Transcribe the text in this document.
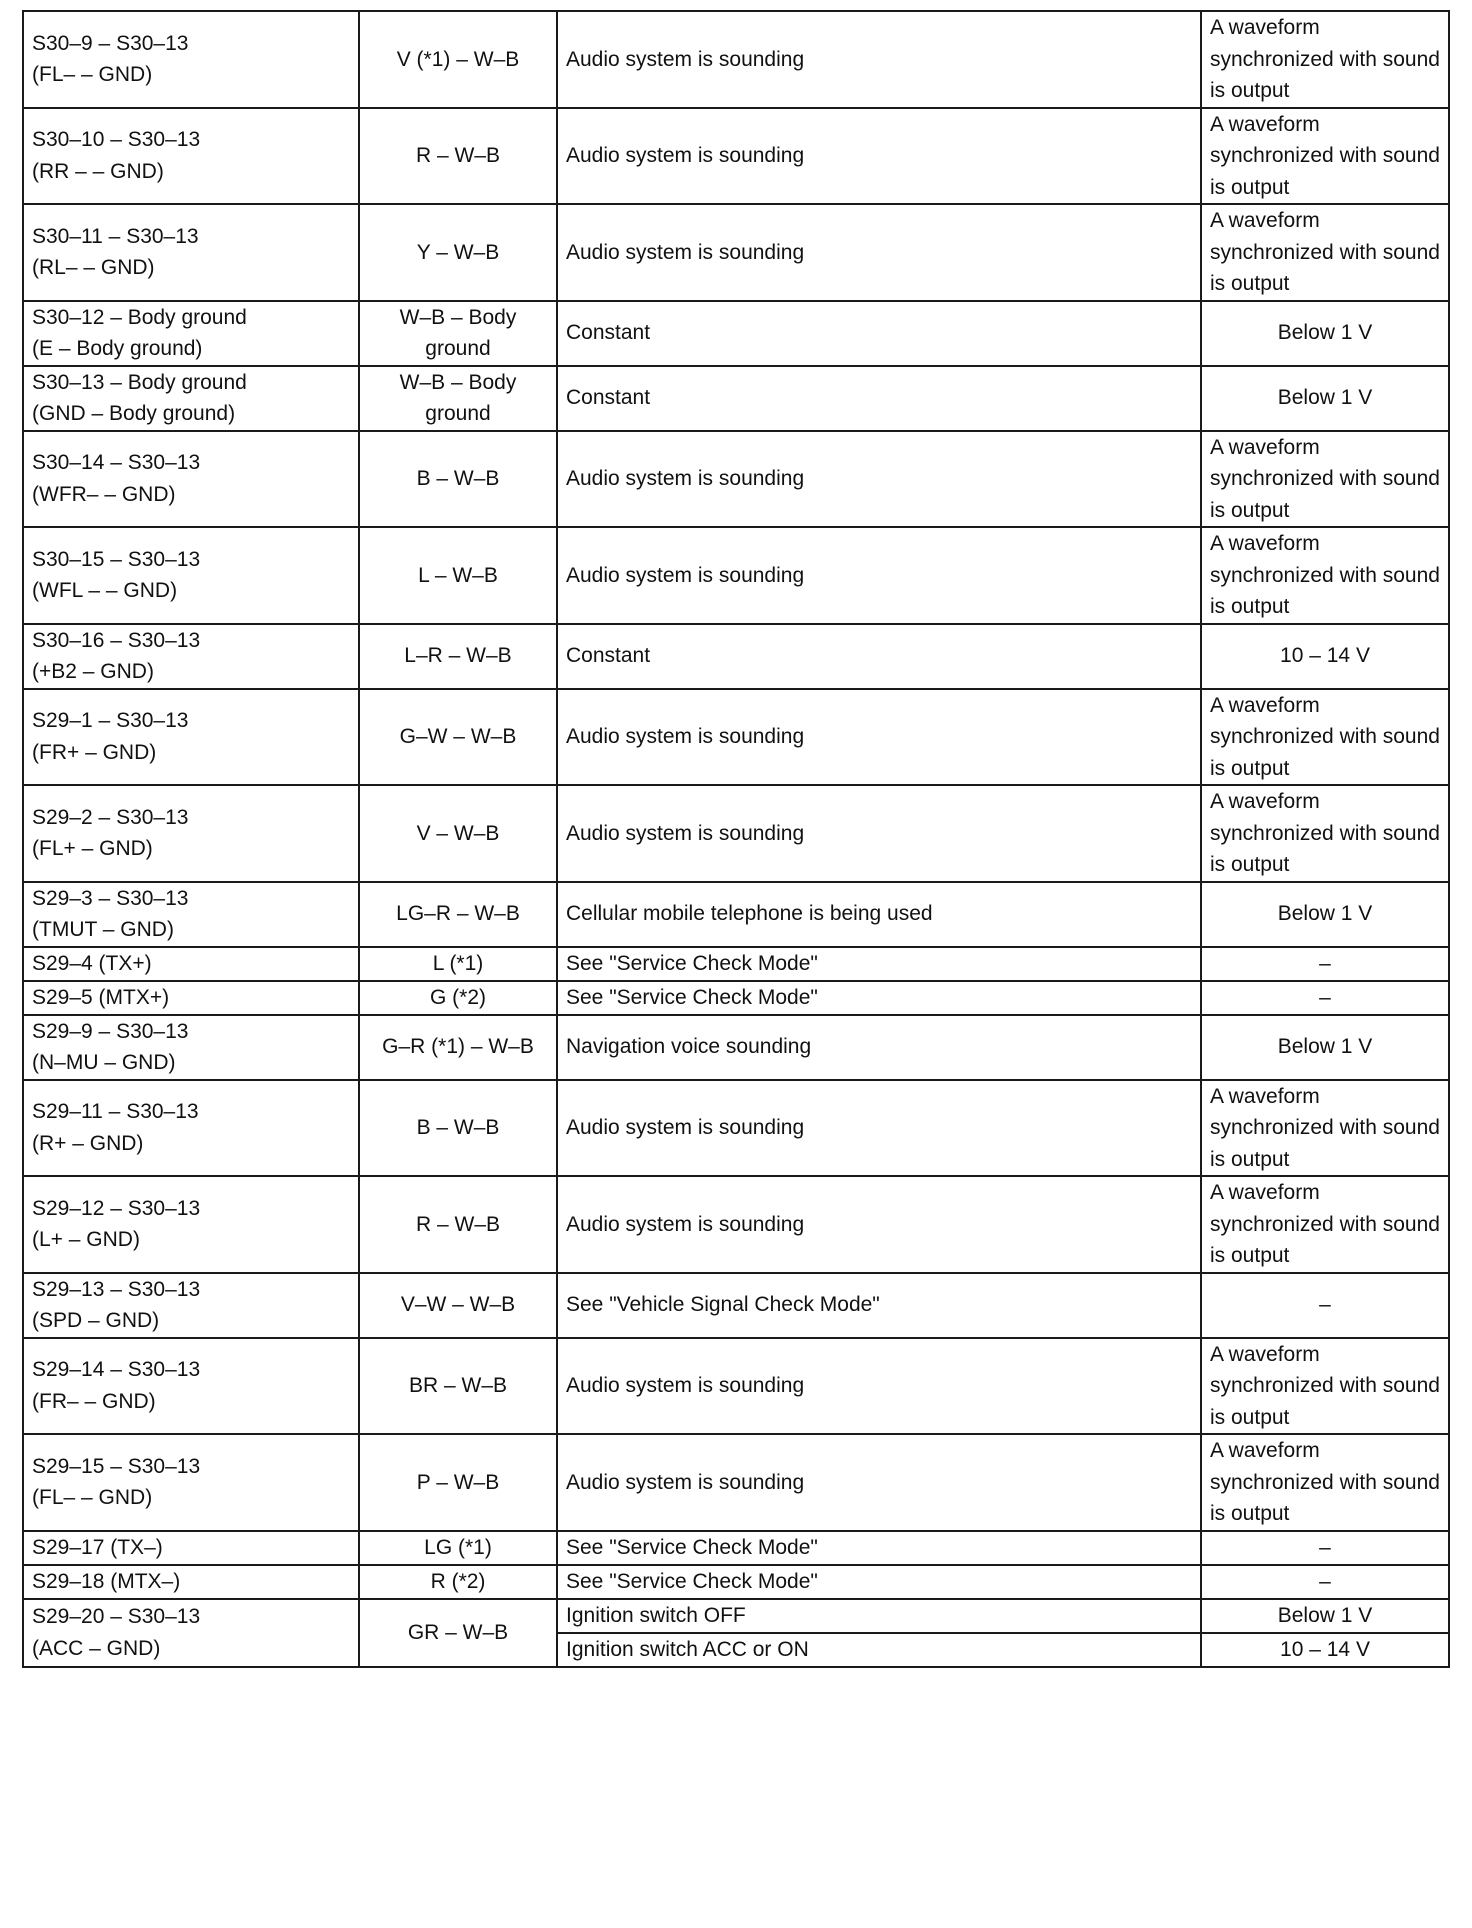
S30–9 – S30–13
(FL– – GND)	V (*1) – W–B	Audio system is sounding	A waveform synchronized with sound is output

S30–10 – S30–13
(RR – – GND)	R – W–B	Audio system is sounding	A waveform synchronized with sound is output

S30–11 – S30–13
(RL– – GND)	Y – W–B	Audio system is sounding	A waveform synchronized with sound is output

S30–12 – Body ground
(E – Body ground)	W–B – Body
ground	Constant	Below 1 V

S30–13 – Body ground
(GND – Body ground)	W–B – Body
ground	Constant	Below 1 V

S30–14 – S30–13
(WFR– – GND)	B – W–B	Audio system is sounding	A waveform synchronized with sound is output

S30–15 – S30–13
(WFL – – GND)	L – W–B	Audio system is sounding	A waveform synchronized with sound is output

S30–16 – S30–13
(+B2 – GND)	L–R – W–B	Constant	10 – 14 V

S29–1 – S30–13
(FR+ – GND)	G–W – W–B	Audio system is sounding	A waveform synchronized with sound is output

S29–2 – S30–13
(FL+ – GND)	V – W–B	Audio system is sounding	A waveform synchronized with sound is output

S29–3 – S30–13
(TMUT – GND)	LG–R – W–B	Cellular mobile telephone is being used	Below 1 V

S29–4 (TX+)	L (*1)	See "Service Check Mode"	–

S29–5 (MTX+)	G (*2)	See "Service Check Mode"	–

S29–9 – S30–13
(N–MU – GND)	G–R (*1) – W–B	Navigation voice sounding	Below 1 V

S29–11 – S30–13
(R+ – GND)	B – W–B	Audio system is sounding	A waveform synchronized with sound is output

S29–12 – S30–13
(L+ – GND)	R – W–B	Audio system is sounding	A waveform synchronized with sound is output

S29–13 – S30–13
(SPD – GND)	V–W – W–B	See "Vehicle Signal Check Mode"	–

S29–14 – S30–13
(FR– – GND)	BR – W–B	Audio system is sounding	A waveform synchronized with sound is output

S29–15 – S30–13
(FL– – GND)	P – W–B	Audio system is sounding	A waveform synchronized with sound is output

S29–17 (TX–)	LG (*1)	See "Service Check Mode"	–

S29–18 (MTX–)	R (*2)	See "Service Check Mode"	–

S29–20 – S30–13
(ACC – GND)	GR – W–B	Ignition switch OFF	Below 1 V
		Ignition switch ACC or ON	10 – 14 V
